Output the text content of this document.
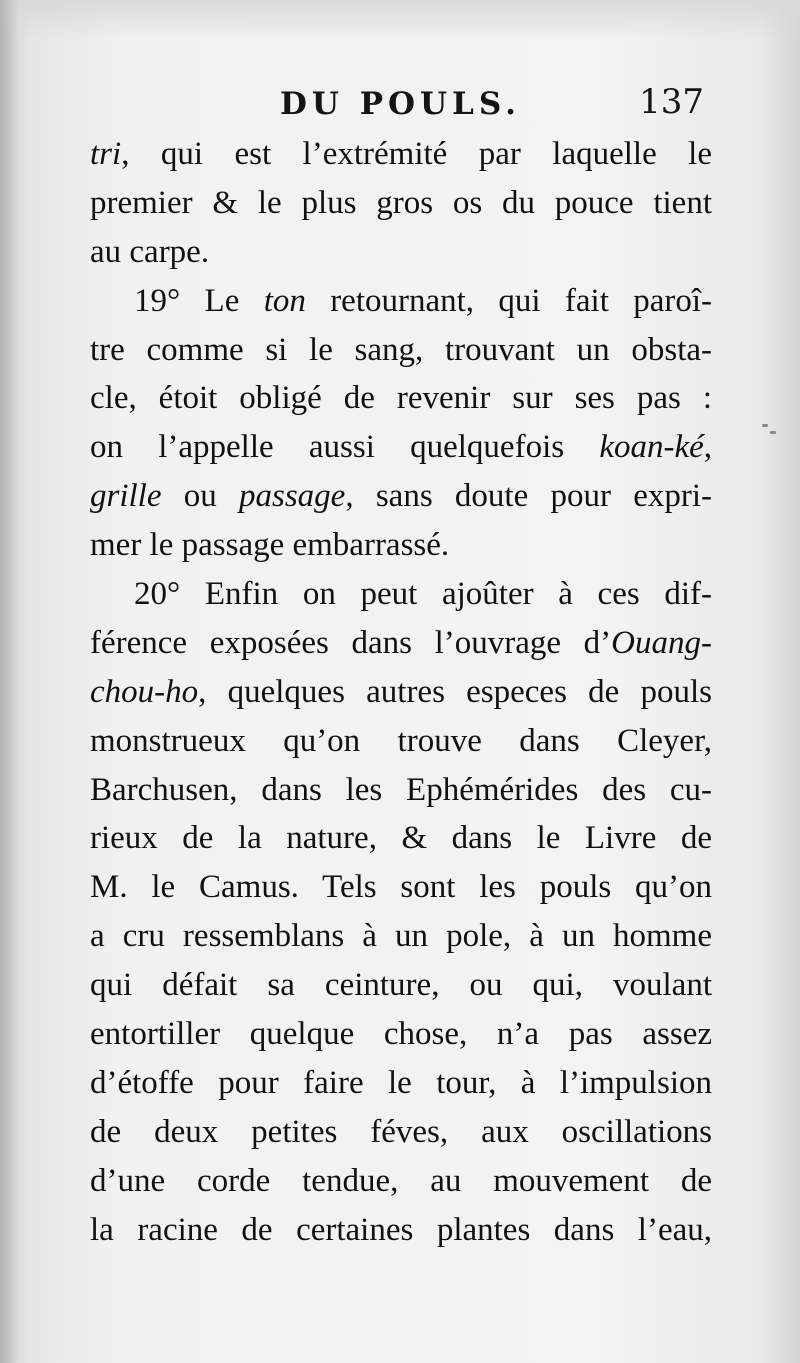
DU POULS.	137
tri, qui est l’extrémité par laquelle le
premier & le plus gros os du pouce tient
au carpe.
19° Le ton retournant, qui fait paroî-
tre comme si le sang, trouvant un obsta-
cle, étoit obligé de revenir sur ses pas :
on l’appelle aussi quelquefois koan-ké,
grille ou passage, sans doute pour expri-
mer le passage embarrassé.
20° Enfin on peut ajoûter à ces dif-
férence exposées dans l’ouvrage d’Ouang-
chou-ho, quelques autres especes de pouls
monstrueux qu’on trouve dans Cleyer,
Barchusen, dans les Ephémérides des cu-
rieux de la nature, & dans le Livre de
M. le Camus. Tels sont les pouls qu’on
a cru ressemblans à un pole, à un homme
qui défait sa ceinture, ou qui, voulant
entortiller quelque chose, n’a pas assez
d’étoffe pour faire le tour, à l’impulsion
de deux petites féves, aux oscillations
d’une corde tendue, au mouvement de
la racine de certaines plantes dans l’eau,
